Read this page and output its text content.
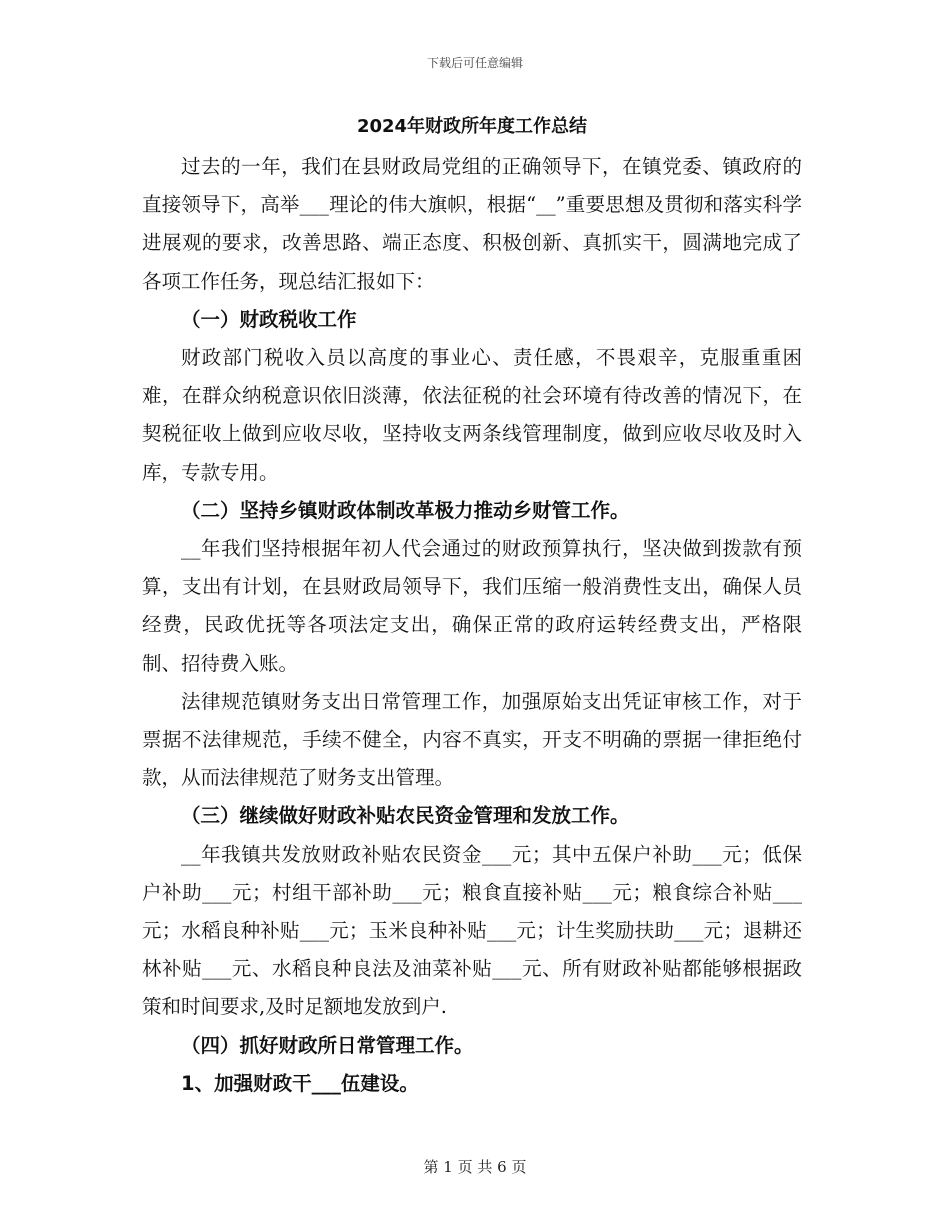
下载后可任意编辑
2024年财政所年度工作总结

过去的一年，我们在县财政局党组的正确领导下，在镇党委、镇政府的直接领导下，高举___理论的伟大旗帜，根据“__”重要思想及贯彻和落实科学进展观的要求，改善思路、端正态度、积极创新、真抓实干，圆满地完成了各项工作任务，现总结汇报如下：

（一）财政税收工作

财政部门税收入员以高度的事业心、责任感，不畏艰辛，克服重重困难，在群众纳税意识依旧淡薄，依法征税的社会环境有待改善的情况下，在契税征收上做到应收尽收，坚持收支两条线管理制度，做到应收尽收及时入库，专款专用。

（二）坚持乡镇财政体制改革极力推动乡财管工作。

__年我们坚持根据年初人代会通过的财政预算执行，坚决做到拨款有预算，支出有计划，在县财政局领导下，我们压缩一般消费性支出，确保人员经费，民政优抚等各项法定支出，确保正常的政府运转经费支出，严格限制、招待费入账。

法律规范镇财务支出日常管理工作，加强原始支出凭证审核工作，对于票据不法律规范，手续不健全，内容不真实，开支不明确的票据一律拒绝付款，从而法律规范了财务支出管理。

（三）继续做好财政补贴农民资金管理和发放工作。

__年我镇共发放财政补贴农民资金___元；其中五保户补助___元；低保户补助___元；村组干部补助___元；粮食直接补贴___元；粮食综合补贴___元；水稻良种补贴___元；玉米良种补贴___元；计生奖励扶助___元；退耕还林补贴___元、水稻良种良法及油菜补贴___元、所有财政补贴都能够根据政策和时间要求,及时足额地发放到户.

（四）抓好财政所日常管理工作。

1、加强财政干___伍建设。

第 1 页 共 6 页
